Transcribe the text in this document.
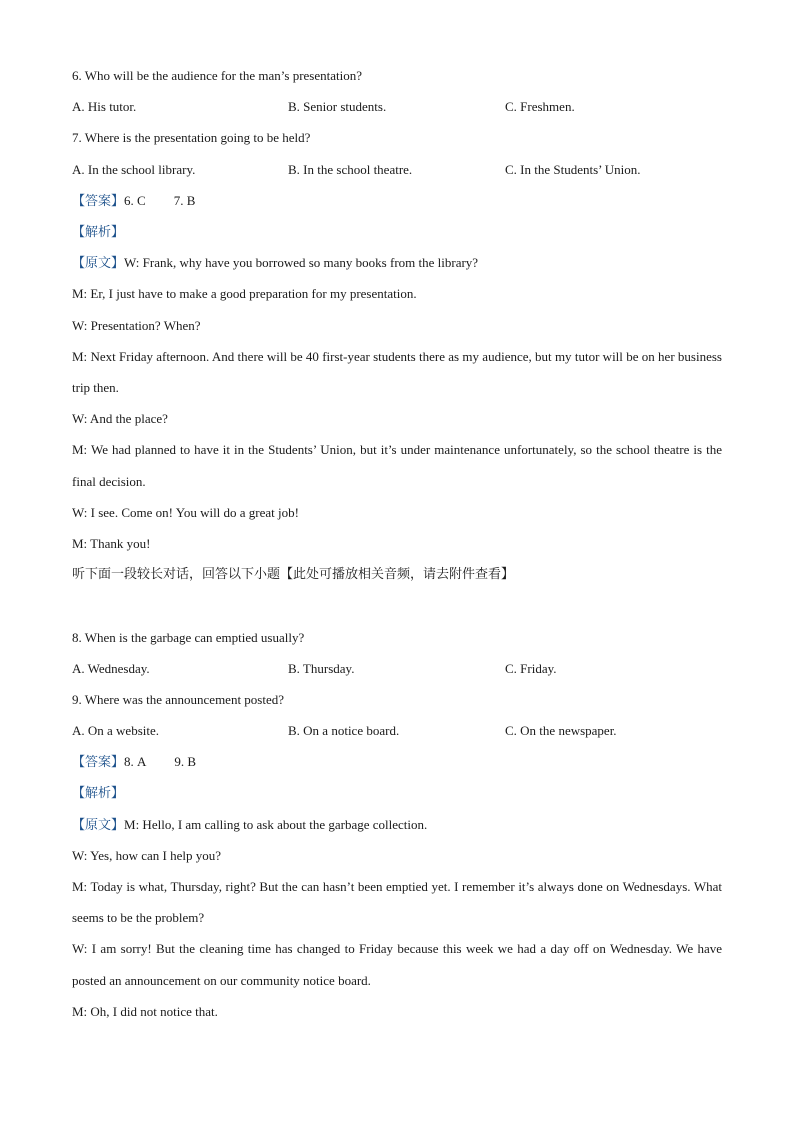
6. Who will be the audience for the man’s presentation?
A. His tutor.	B. Senior students.	C. Freshmen.
7. Where is the presentation going to be held?
A. In the school library.	B. In the school theatre.	C. In the Students’ Union.
【答案】6. C 7. B
【解析】
【原文】W: Frank, why have you borrowed so many books from the library?

M: Er, I just have to make a good preparation for my presentation.

W: Presentation? When?

M: Next Friday afternoon. And there will be 40 first-year students there as my audience, but my tutor will be on her business trip then.

W: And the place?

M: We had planned to have it in the Students’ Union, but it’s under maintenance unfortunately, so the school theatre is the final decision.

W: I see. Come on! You will do a great job!

M: Thank you!

听下面一段较长对话，回答以下小题【此处可播放相关音频，请去附件查看】
8. When is the garbage can emptied usually?
A. Wednesday.	B. Thursday.	C. Friday.
9. Where was the announcement posted?
A. On a website.	B. On a notice board.	C. On the newspaper.
【答案】8. A 9. B
【解析】
【原文】M: Hello, I am calling to ask about the garbage collection.

W: Yes, how can I help you?

M: Today is what, Thursday, right? But the can hasn’t been emptied yet. I remember it’s always done on Wednesdays. What seems to be the problem?

W: I am sorry! But the cleaning time has changed to Friday because this week we had a day off on Wednesday. We have posted an announcement on our community notice board.

M: Oh, I did not notice that.
